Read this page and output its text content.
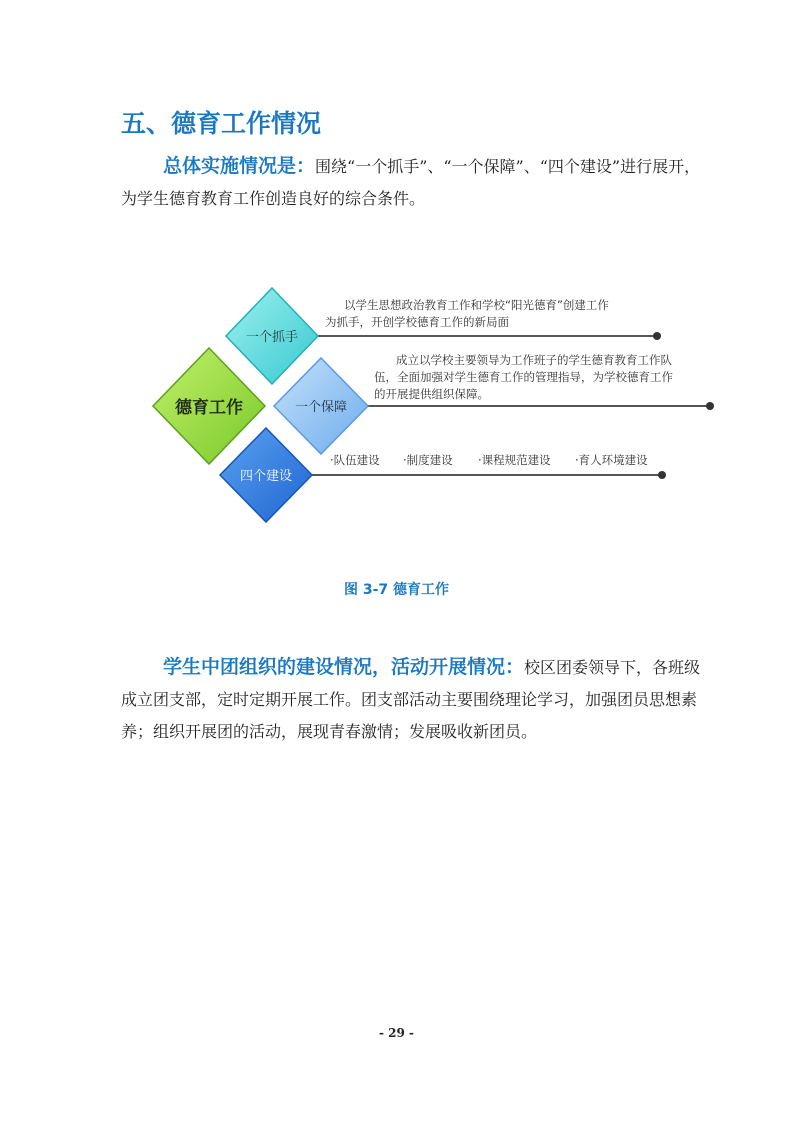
五、德育工作情况
总体实施情况是：围绕“一个抓手”、“一个保障”、“四个建设”进行展开，为学生德育教育工作创造良好的综合条件。
德育工作
一个抓手
一个保障
四个建设
以学生思想政治教育工作和学校“阳光德育”创建工作
为抓手，开创学校德育工作的新局面
成立以学校主要领导为工作班子的学生德育教育工作队
伍，全面加强对学生德育工作的管理指导，为学校德育工作
的开展提供组织保障。
·队伍建设 ·制度建设 ·课程规范建设 ·育人环境建设
图 3-7 德育工作
学生中团组织的建设情况，活动开展情况：校区团委领导下，各班级成立团支部，定时定期开展工作。团支部活动主要围绕理论学习，加强团员思想素养；组织开展团的活动，展现青春激情；发展吸收新团员。
- 29 -
